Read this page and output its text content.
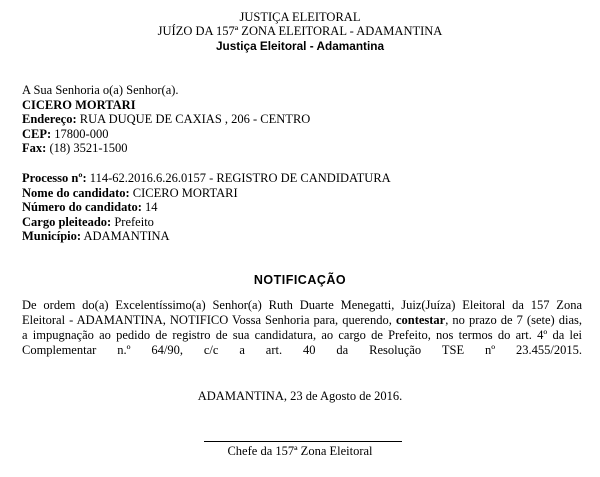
JUSTIÇA ELEITORAL
JUÍZO DA 157ª ZONA ELEITORAL - ADAMANTINA
Justiça Eleitoral - Adamantina
A Sua Senhoria o(a) Senhor(a).
CICERO MORTARI
Endereço: RUA DUQUE DE CAXIAS , 206 - CENTRO
CEP: 17800-000
Fax: (18) 3521-1500
Processo nº: 114-62.2016.6.26.0157 - REGISTRO DE CANDIDATURA
Nome do candidato: CICERO MORTARI
Número do candidato: 14
Cargo pleiteado: Prefeito
Município: ADAMANTINA
NOTIFICAÇÃO
De ordem do(a) Excelentíssimo(a) Senhor(a) Ruth Duarte Menegatti, Juiz(Juíza) Eleitoral da 157 Zona
Eleitoral - ADAMANTINA, NOTIFICO Vossa Senhoria para, querendo, contestar, no prazo de 7 (sete) dias,
a impugnação ao pedido de registro de sua candidatura, ao cargo de Prefeito, nos termos do art. 4º da lei
Complementar n.º 64/90, c/c a art. 40 da Resolução TSE nº 23.455/2015.
ADAMANTINA, 23 de Agosto de 2016.
Chefe da 157ª Zona Eleitoral
